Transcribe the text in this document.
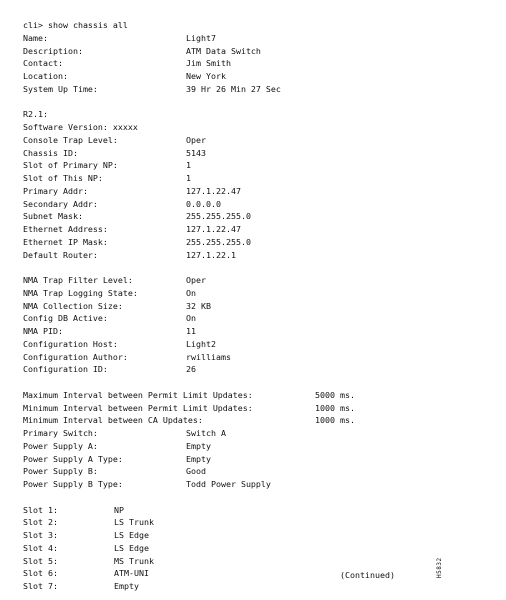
cli> show chassis all

Name:	Light7
Description:	ATM Data Switch
Contact:	Jim Smith
Location:	New York
System Up Time:	39 Hr 26 Min 27 Sec
R2.1:
Software Version: xxxxx
Console Trap Level:	Oper
Chassis ID:	5143
Slot of Primary NP:	1
Slot of This NP:	1
Primary Addr:	127.1.22.47
Secondary Addr:	0.0.0.0
Subnet Mask:	255.255.255.0
Ethernet Address:	127.1.22.47
Ethernet IP Mask:	255.255.255.0
Default Router:	127.1.22.1
NMA Trap Filter Level:	Oper
NMA Trap Logging State:	On
NMA Collection Size:	32 KB
Config DB Active:	On
NMA PID:	11
Configuration Host:	Light2
Configuration Author:	rwilliams
Configuration ID:	26
Maximum Interval between Permit Limit Updates:	5000 ms.
Minimum Interval between Permit Limit Updates:	1000 ms.
Minimum Interval between CA Updates:	1000 ms.
Primary Switch:	Switch A
Power Supply A:	Empty
Power Supply A Type:	Empty
Power Supply B:	Good
Power Supply B Type:	Todd Power Supply
Slot 1:	NP
Slot 2:	LS Trunk
Slot 3:	LS Edge
Slot 4:	LS Edge
Slot 5:	MS Trunk
Slot 6:	ATM-UNI
Slot 7:	Empty
(Continued)	H5832
